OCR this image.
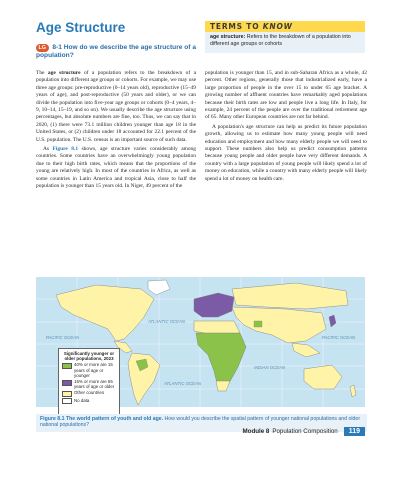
Age Structure	TERMS TO KNOW
age structure: Refers to the breakdown of a population into different age groups or cohorts
LG 8-1 How do we describe the age structure of a population?

The age structure of a population refers to the breakdown of a population into different age groups or cohorts. For example, we may use three age groups: pre-reproductive (0–14 years old), reproductive (15–49 years of age), and post-reproductive (50 years and older), or we can divide the population into five-year age groups or cohorts (0–4 years, 4–9, 10–14, 15–19, and so on). We usually describe the age structure using percentages, but absolute numbers are fine, too. Thus, we can say that in 2020, (1) there were 73.1 million children younger than age 18 in the United States, or (2) children under 18 accounted for 22.1 percent of the U.S. population. The U.S. census is an important source of such data.

As Figure 8.1 shows, age structure varies considerably among countries. Some countries have an overwhelmingly young population due to their high birth rates, which means that the proportions of the young are relatively high. In most of the countries in Africa, as well as some countries in Latin America and tropical Asia, close to half the population is younger than 15 years old. In Niger, 49 percent of the

population is younger than 15, and in sub-Saharan Africa as a whole, 42 percent. Other regions, generally those that industrialized early, have a large proportion of people in the over 15 to under 65 age bracket. A growing number of affluent countries have remarkably aged populations because their birth rates are low and people live a long life. In Italy, for example, 24 percent of the people are over the traditional retirement age of 65. Many other European countries are not far behind.

A population's age structure can help us predict its future population growth, allowing us to estimate how many young people will need education and employment and how many elderly people we will need to support. These numbers also help us predict consumption patterns because young people and older people have very different demands. A country with a large population of young people will likely spend a lot of money on education, while a country with many elderly people will likely spend a lot of money on health care.

PACIFIC OCEAN
ATLANTIC OCEAN
ATLANTIC OCEAN
INDIAN OCEAN
PACIFIC OCEAN
Significantly younger or older populations, 2023
40% or more are 15 years of age or younger
15% or more are 65 years of age or older
Other countries
No data
Figure 8.1 The world pattern of youth and old age. How would you describe the spatial pattern of younger national populations and older national populations?
Module 8 Population Composition	119
